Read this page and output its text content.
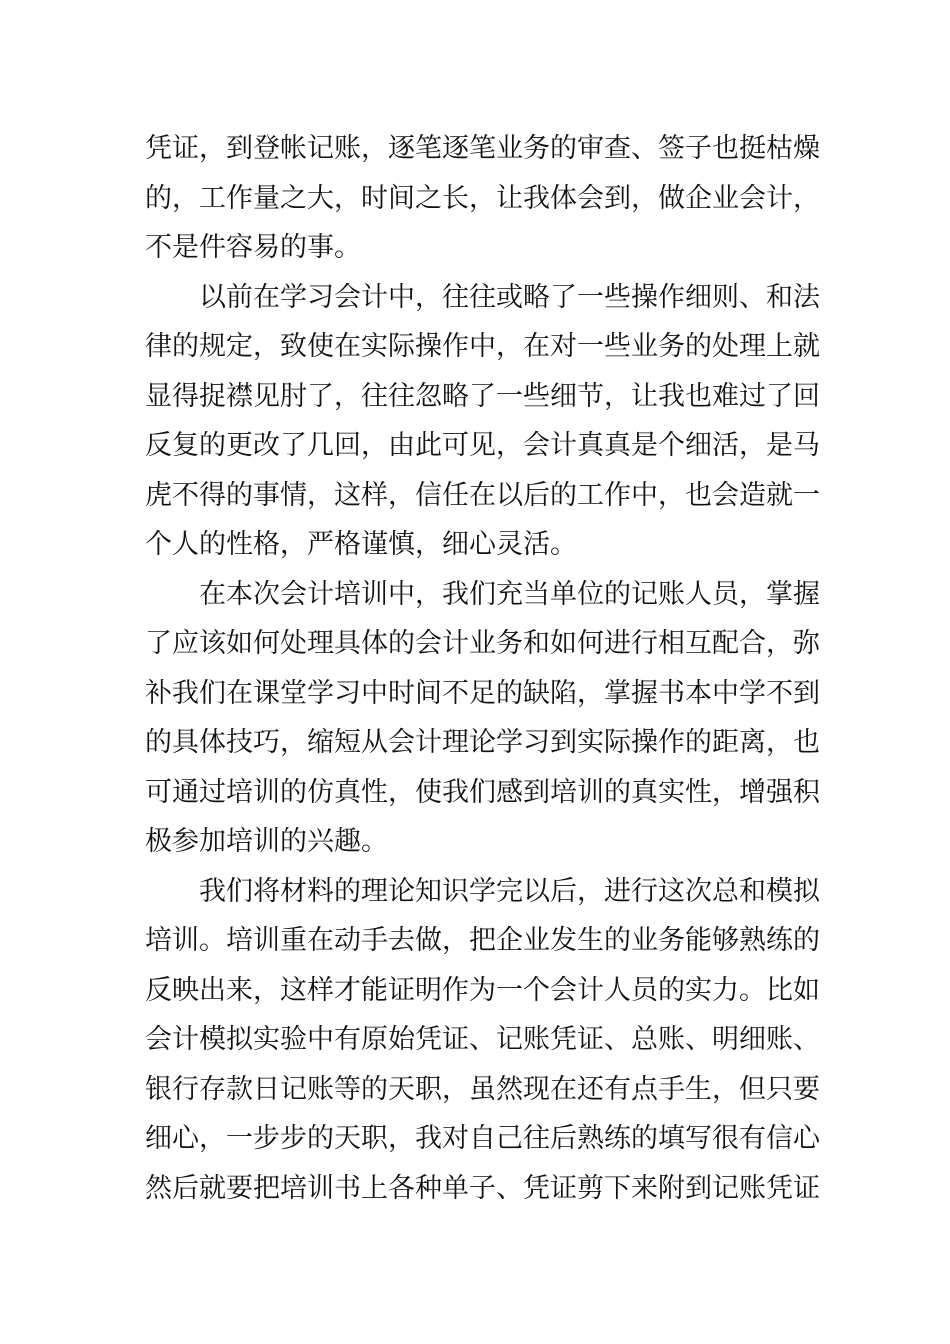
凭证，到登帐记账，逐笔逐笔业务的审查、签子也挺枯燥
的，工作量之大，时间之长，让我体会到，做企业会计，
不是件容易的事。
以前在学习会计中，往往或略了一些操作细则、和法
律的规定，致使在实际操作中，在对一些业务的处理上就
显得捉襟见肘了，往往忽略了一些细节，让我也难过了回
反复的更改了几回，由此可见，会计真真是个细活，是马
虎不得的事情，这样，信任在以后的工作中，也会造就一
个人的性格，严格谨慎，细心灵活。
在本次会计培训中，我们充当单位的记账人员，掌握
了应该如何处理具体的会计业务和如何进行相互配合，弥
补我们在课堂学习中时间不足的缺陷，掌握书本中学不到
的具体技巧，缩短从会计理论学习到实际操作的距离，也
可通过培训的仿真性，使我们感到培训的真实性，增强积
极参加培训的兴趣。
我们将材料的理论知识学完以后，进行这次总和模拟
培训。培训重在动手去做，把企业发生的业务能够熟练的
反映出来，这样才能证明作为一个会计人员的实力。比如
会计模拟实验中有原始凭证、记账凭证、总账、明细账、
银行存款日记账等的天职，虽然现在还有点手生，但只要
细心，一步步的天职，我对自己往后熟练的填写很有信心
然后就要把培训书上各种单子、凭证剪下来附到记账凭证
